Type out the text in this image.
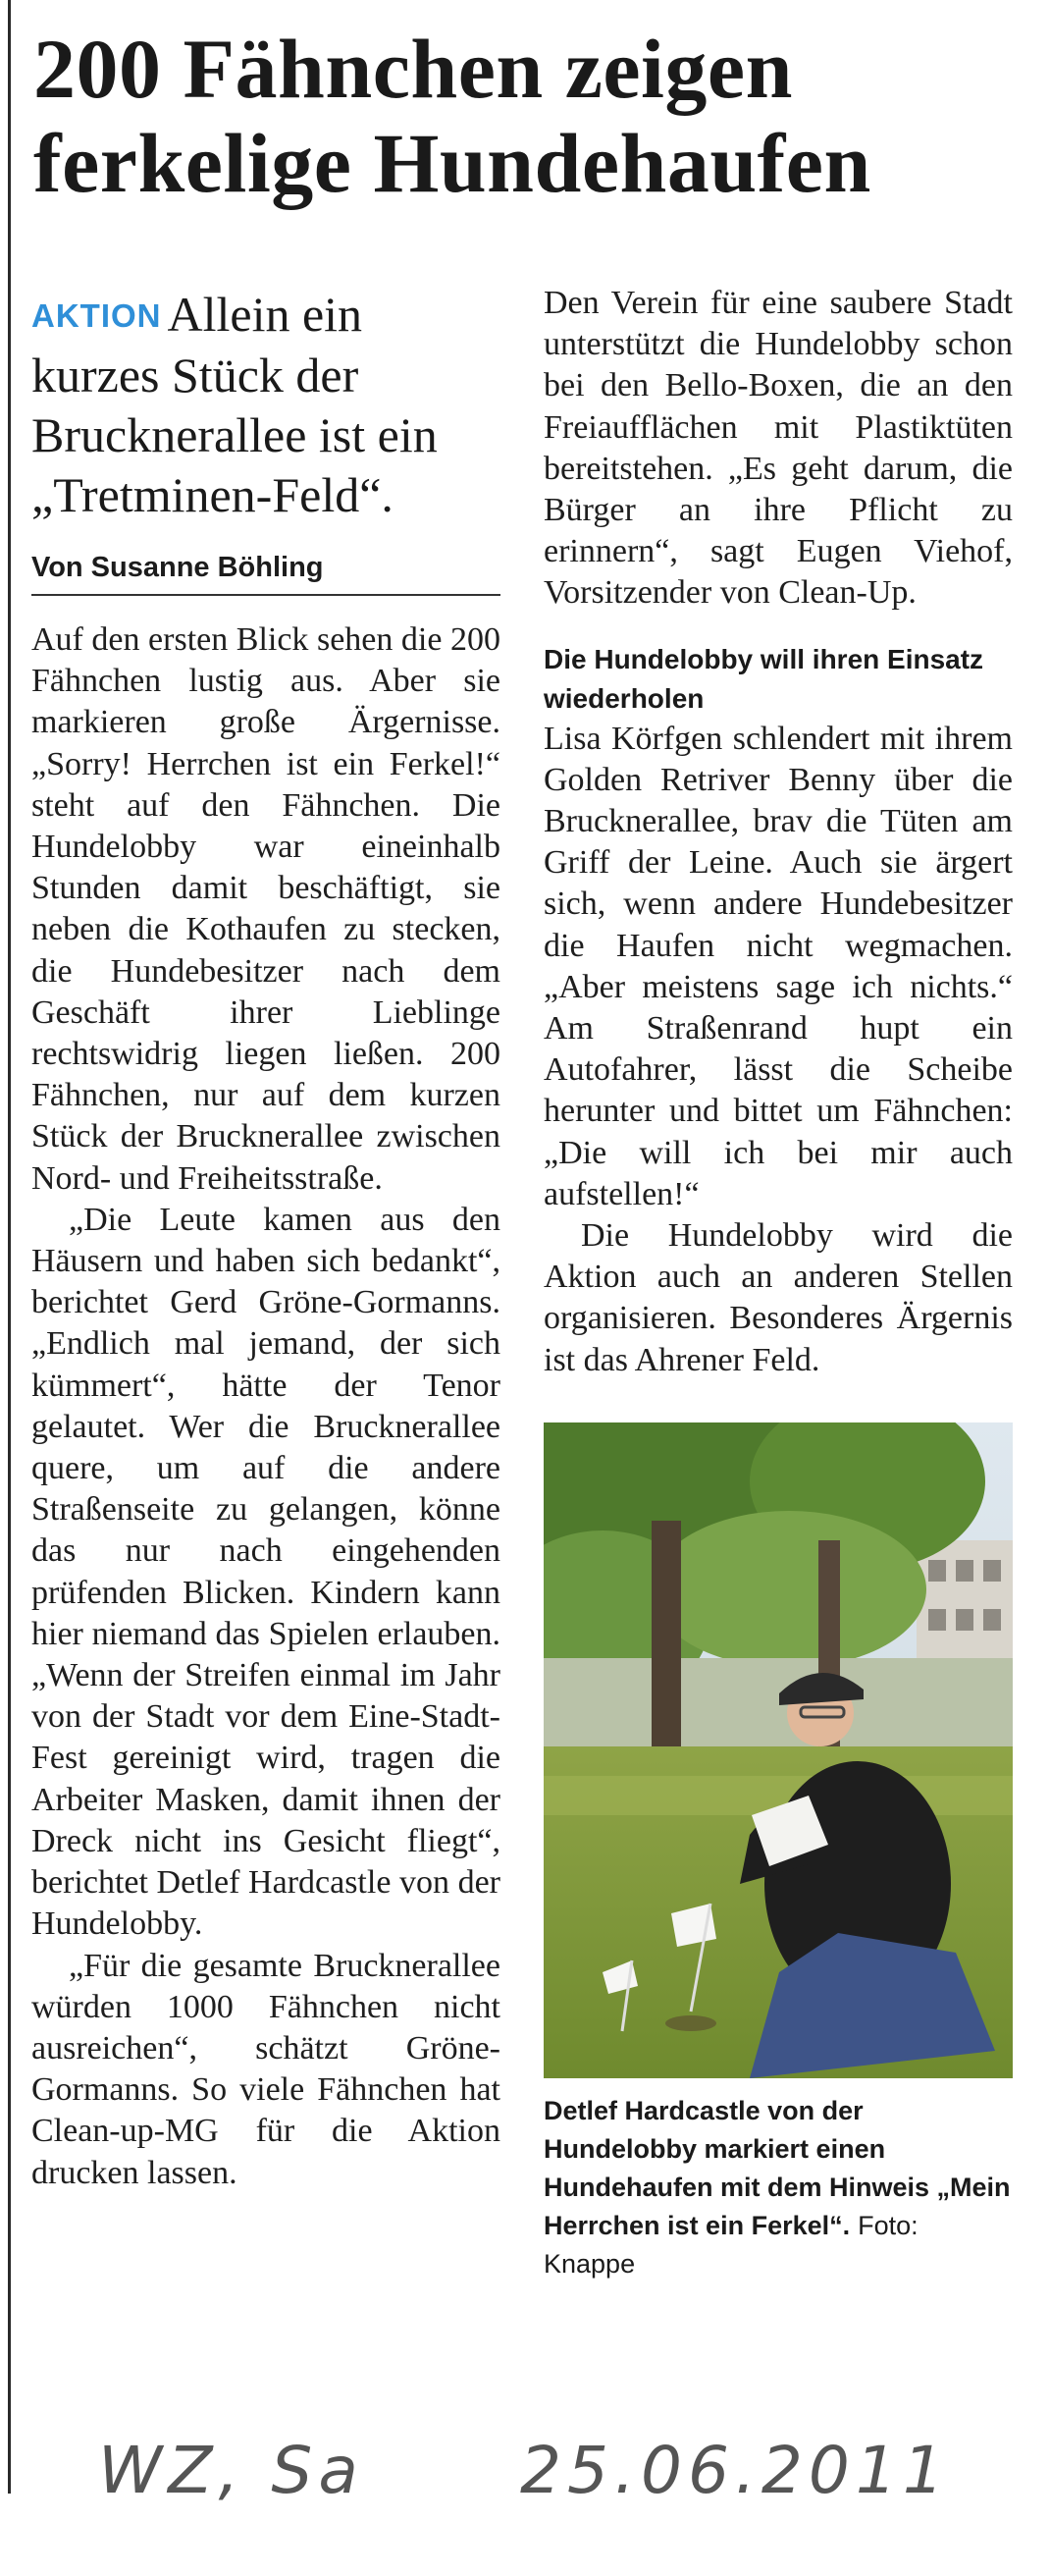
200 Fähnchen zeigen
ferkelige Hundehaufen

AKTION Allein ein

kurzes Stück der

Brucknerallee ist ein

„Tretminen-Feld“.

Von Susanne Böhling

Auf den ersten Blick sehen die 200 Fähnchen lustig aus. Aber sie markieren große Ärgernisse. „Sorry! Herrchen ist ein Ferkel!“ steht auf den Fähnchen. Die Hundelobby war eineinhalb Stunden damit beschäftigt, sie neben die Kothaufen zu stecken, die Hundebesitzer nach dem Geschäft ihrer Lieblinge rechtswidrig liegen ließen. 200 Fähnchen, nur auf dem kurzen Stück der Brucknerallee zwischen Nord- und Freiheitsstraße.

„Die Leute kamen aus den Häusern und haben sich bedankt“, berichtet Gerd Gröne-Gormanns. „Endlich mal jemand, der sich kümmert“, hätte der Tenor gelautet. Wer die Brucknerallee quere, um auf die andere Straßenseite zu gelangen, könne das nur nach eingehenden prüfenden Blicken. Kindern kann hier niemand das Spielen erlauben. „Wenn der Streifen einmal im Jahr von der Stadt vor dem Eine-Stadt-Fest gereinigt wird, tragen die Arbeiter Masken, damit ihnen der Dreck nicht ins Gesicht fliegt“, berichtet Detlef Hardcastle von der Hundelobby.

„Für die gesamte Brucknerallee würden 1000 Fähnchen nicht ausreichen“, schätzt Gröne-Gormanns. So viele Fähnchen hat Clean-up-MG für die Aktion drucken lassen.

Den Verein für eine saubere Stadt unterstützt die Hundelobby schon bei den Bello-Boxen, die an den Freiaufflächen mit Plastiktüten bereitstehen. „Es geht darum, die Bürger an ihre Pflicht zu erinnern“, sagt Eugen Viehof, Vorsitzender von Clean-Up.

Die Hundelobby will ihren Einsatz wiederholen

Lisa Körfgen schlendert mit ihrem Golden Retriver Benny über die Brucknerallee, brav die Tüten am Griff der Leine. Auch sie ärgert sich, wenn andere Hundebesitzer die Haufen nicht wegmachen. „Aber meistens sage ich nichts.“ Am Straßenrand hupt ein Autofahrer, lässt die Scheibe herunter und bittet um Fähnchen: „Die will ich bei mir auch aufstellen!“

Die Hundelobby wird die Aktion auch an anderen Stellen organisieren. Besonderes Ärgernis ist das Ahrener Feld.

Detlef Hardcastle von der Hundelobby markiert einen Hundehaufen mit dem Hinweis „Mein Herrchen ist ein Ferkel“. Foto: Knappe
WZ, Sa 25.06.2011
